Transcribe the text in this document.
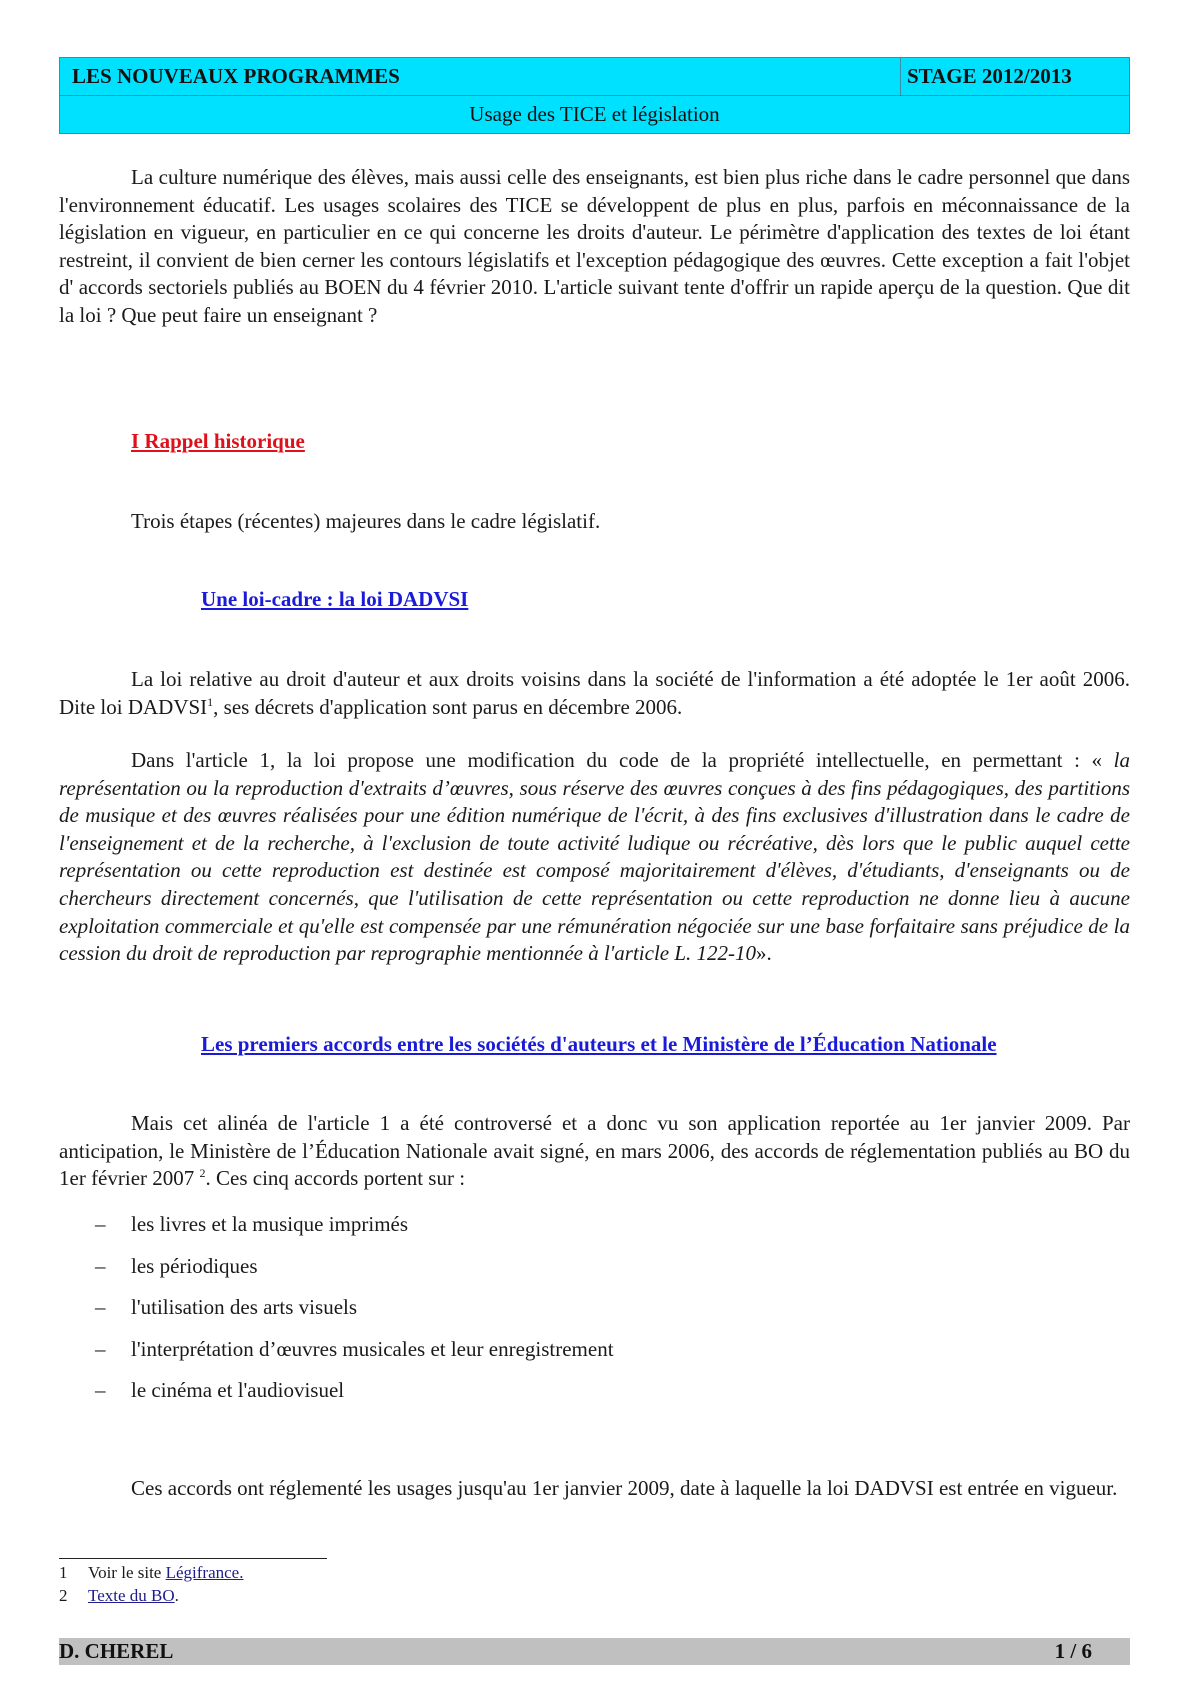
LES NOUVEAUX PROGRAMMES	STAGE 2012/2013
Usage des TICE et législation

La culture numérique des élèves, mais aussi celle des enseignants, est bien plus riche dans le cadre personnel que dans l'environnement éducatif. Les usages scolaires des TICE se développent de plus en plus, parfois en méconnaissance de la législation en vigueur, en particulier en ce qui concerne les droits d'auteur. Le périmètre d'application des textes de loi étant restreint, il convient de bien cerner les contours législatifs et l'exception pédagogique des œuvres. Cette exception a fait l'objet d' accords sectoriels publiés au BOEN du 4 février 2010. L'article suivant tente d'offrir un rapide aperçu de la question. Que dit la loi ? Que peut faire un enseignant ?

I Rappel historique
Trois étapes (récentes) majeures dans le cadre législatif.
Une loi-cadre : la loi DADVSI

La loi relative au droit d'auteur et aux droits voisins dans la société de l'information a été adoptée le 1er août 2006. Dite loi DADVSI$^1$, ses décrets d'application sont parus en décembre 2006.

Dans l'article 1, la loi propose une modification du code de la propriété intellectuelle, en permettant : « la représentation ou la reproduction d'extraits d’œuvres, sous réserve des œuvres conçues à des fins pédagogiques, des partitions de musique et des œuvres réalisées pour une édition numérique de l'écrit, à des fins exclusives d'illustration dans le cadre de l'enseignement et de la recherche, à l'exclusion de toute activité ludique ou récréative, dès lors que le public auquel cette représentation ou cette reproduction est destinée est composé majoritairement d'élèves, d'étudiants, d'enseignants ou de chercheurs directement concernés, que l'utilisation de cette représentation ou cette reproduction ne donne lieu à aucune exploitation commerciale et qu'elle est compensée par une rémunération négociée sur une base forfaitaire sans préjudice de la cession du droit de reproduction par reprographie mentionnée à l'article L. 122-10».

Les premiers accords entre les sociétés d'auteurs et le Ministère de l’Éducation Nationale

Mais cet alinéa de l'article 1 a été controversé et a donc vu son application reportée au 1er janvier 2009. Par anticipation, le Ministère de l’Éducation Nationale avait signé, en mars 2006, des accords de réglementation publiés au BO du 1er février 2007 $^2$. Ces cinq accords portent sur :

– les livres et la musique imprimés
– les périodiques
– l'utilisation des arts visuels
– l'interprétation d’œuvres musicales et leur enregistrement
– le cinéma et l'audiovisuel

Ces accords ont réglementé les usages jusqu'au 1er janvier 2009, date à laquelle la loi DADVSI est entrée en vigueur.

1	Voir le site Légifrance.
2	Texte du BO.
D. CHEREL	1 / 6
